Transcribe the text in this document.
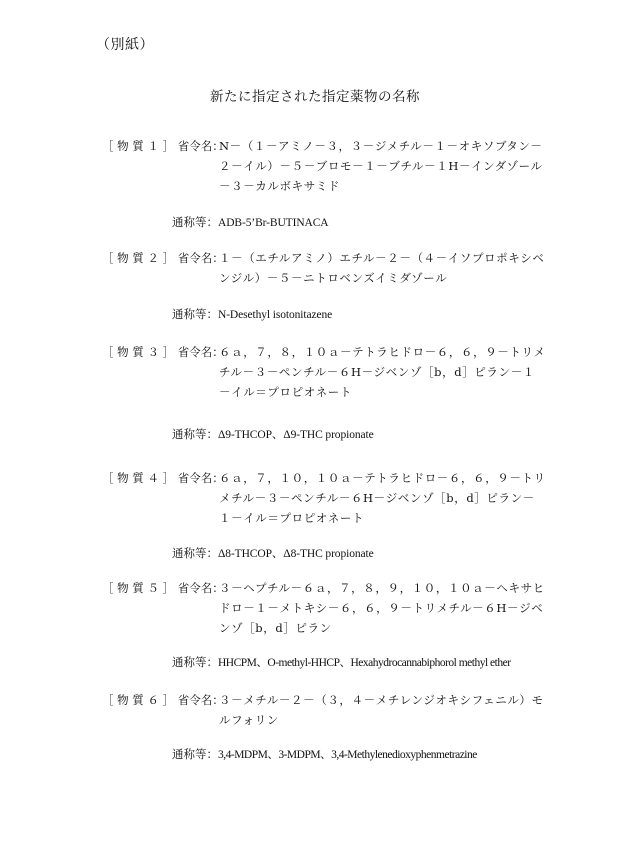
（別紙）
新たに指定された指定薬物の名称
［ 物 質 １ ］ 省令名：
N－（１－アミノ－３，３－ジメチル－１－オキソブタン－
２－イル）－５－ブロモ－１－ブチル－１H－インダゾール
－３－カルボキサミド
通称等：ADB-5’Br-BUTINACA
［ 物 質 ２ ］ 省令名：
１－（エチルアミノ）エチル－２－（４－イソプロポキシベ
ンジル）－５－ニトロベンズイミダゾール
通称等：N-Desethyl isotonitazene
［ 物 質 ３ ］ 省令名：
６ａ，７，８，１０ａ－テトラヒドロ－６，６，９－トリメ
チル－３－ペンチル－６H－ジベンゾ［b，d］ピラン－１
－イル＝プロピオネート
通称等：Δ9-THCOP、Δ9-THC propionate
［ 物 質 ４ ］ 省令名：
６ａ，７，１０，１０ａ－テトラヒドロ－６，６，９－トリ
メチル－３－ペンチル－６H－ジベンゾ［b，d］ピラン－
１－イル＝プロピオネート
通称等：Δ8-THCOP、Δ8-THC propionate
［ 物 質 ５ ］ 省令名：
３－ヘプチル－６ａ，７，８，９，１０，１０ａ－ヘキサヒ
ドロ－１－メトキシ－６，６，９－トリメチル－６H－ジベ
ンゾ［b，d］ピラン
通称等：HHCPM、O-methyl-HHCP、Hexahydrocannabiphorol methyl ether
［ 物 質 ６ ］ 省令名：
３－メチル－２－（３，４－メチレンジオキシフェニル）モ
ルフォリン
通称等：3,4-MDPM、3-MDPM、3,4-Methylenedioxyphenmetrazine
